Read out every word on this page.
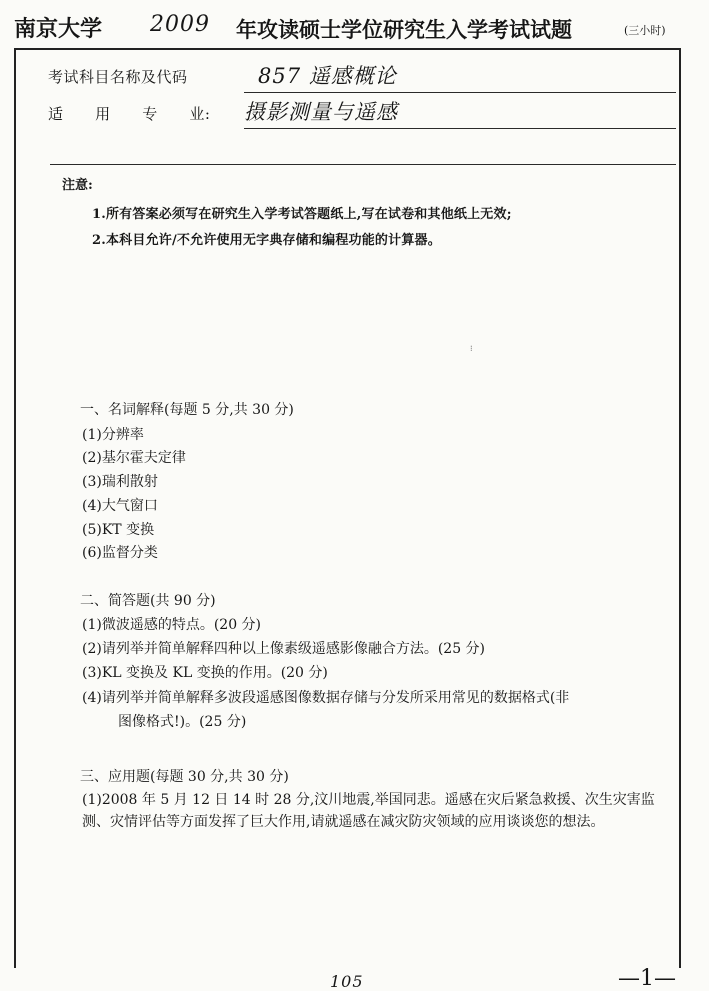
南京大学 2009 年攻读硕士学位研究生入学考试试题	(三小时)
考试科目名称及代码	857 遥感概论
适      用      专      业: 摄影测量与遥感
注意:
1.所有答案必须写在研究生入学考试答题纸上,写在试卷和其他纸上无效;
2.本科目允许/不允许使用无字典存储和编程功能的计算器。
⁝
一、名词解释(每题 5 分,共 30 分)
(1)分辨率
(2)基尔霍夫定律
(3)瑞利散射
(4)大气窗口
(5)KT 变换
(6)监督分类
二、简答题(共 90 分)
(1)微波遥感的特点。(20 分)
(2)请列举并简单解释四种以上像素级遥感影像融合方法。(25 分)
(3)KL 变换及 KL 变换的作用。(20 分)
(4)请列举并简单解释多波段遥感图像数据存储与分发所采用常见的数据格式(非
图像格式!)。(25 分)
三、应用题(每题 30 分,共 30 分)
(1)2008 年 5 月 12 日 14 时 28 分,汶川地震,举国同悲。遥感在灾后紧急救援、次生灾害监测、灾情评估等方面发挥了巨大作用,请就遥感在减灾防灾领域的应用谈谈您的想法。
105	—1—
